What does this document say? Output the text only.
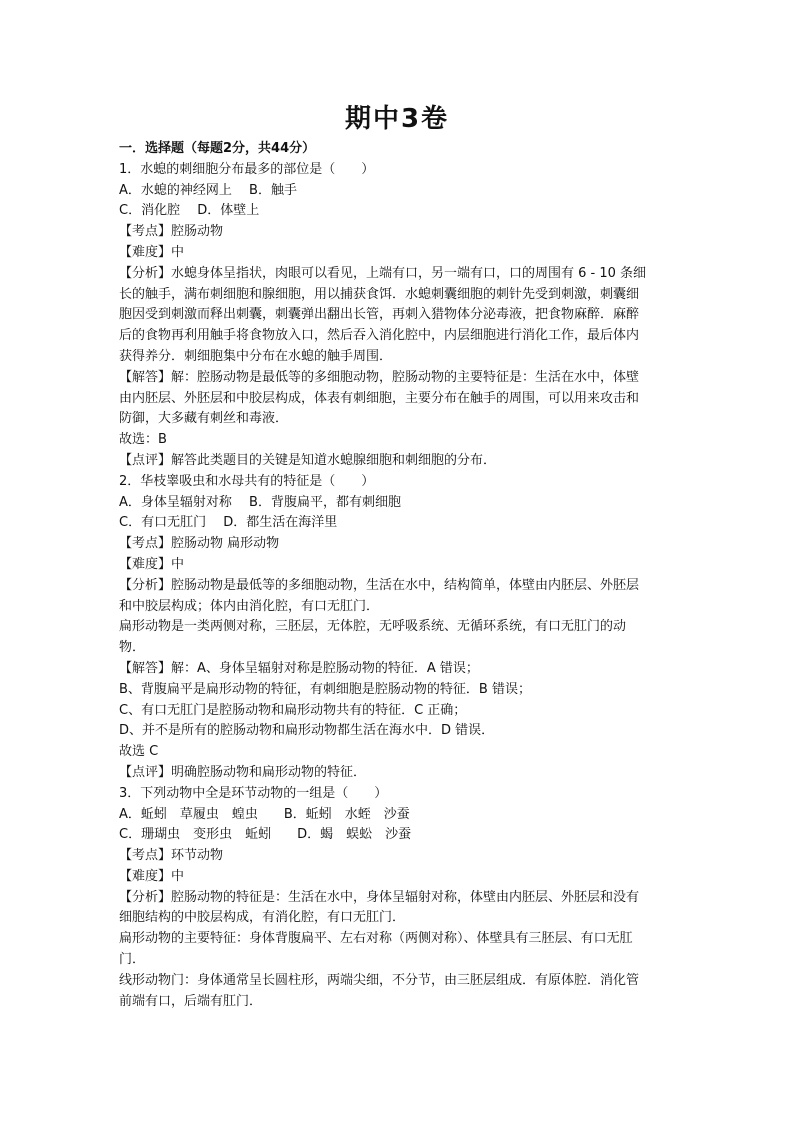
期中3卷

一．选择题（每题2分，共44分）

1．水螅的刺细胞分布最多的部位是（　　）

A．水螅的神经网上　 B．触手

C．消化腔　 D．体壁上

【考点】腔肠动物

【难度】中

【分析】水螅身体呈指状，肉眼可以看见，上端有口，另一端有口，口的周围有 6 - 10 条细

长的触手，满布刺细胞和腺细胞，用以捕获食饵．水螅刺囊细胞的刺针先受到刺激，刺囊细

胞因受到刺激而释出刺囊，刺囊弹出翻出长管，再刺入猎物体分泌毒液，把食物麻醉．麻醉

后的食物再利用触手将食物放入口，然后吞入消化腔中，内层细胞进行消化工作，最后体内

获得养分．刺细胞集中分布在水螅的触手周围．

【解答】解：腔肠动物是最低等的多细胞动物，腔肠动物的主要特征是：生活在水中，体壁

由内胚层、外胚层和中胶层构成，体表有刺细胞，主要分布在触手的周围，可以用来攻击和

防御，大多藏有刺丝和毒液．

故选：B

【点评】解答此类题目的关键是知道水螅腺细胞和刺细胞的分布．

2．华枝睾吸虫和水母共有的特征是（　　）

A．身体呈辐射对称　 B．背腹扁平，都有刺细胞

C．有口无肛门　 D．都生活在海洋里

【考点】腔肠动物 扁形动物

【难度】中

【分析】腔肠动物是最低等的多细胞动物，生活在水中，结构简单，体壁由内胚层、外胚层

和中胶层构成；体内由消化腔，有口无肛门．

扁形动物是一类两侧对称，三胚层，无体腔，无呼吸系统、无循环系统，有口无肛门的动

物．

【解答】解：A、身体呈辐射对称是腔肠动物的特征．A 错误；

B、背腹扁平是扁形动物的特征，有刺细胞是腔肠动物的特征．B 错误；

C、有口无肛门是腔肠动物和扁形动物共有的特征．C 正确；

D、并不是所有的腔肠动物和扁形动物都生活在海水中．D 错误．

故选 C

【点评】明确腔肠动物和扁形动物的特征．

3．下列动物中全是环节动物的一组是（　　）

A．蚯蚓　草履虫　蝗虫　　B．蚯蚓　水蛭　沙蚕

C．珊瑚虫　变形虫　蚯蚓　　D．蝎　蜈蚣　沙蚕

【考点】环节动物

【难度】中

【分析】腔肠动物的特征是：生活在水中，身体呈辐射对称，体壁由内胚层、外胚层和没有

细胞结构的中胶层构成，有消化腔，有口无肛门．

扁形动物的主要特征：身体背腹扁平、左右对称（两侧对称）、体壁具有三胚层、有口无肛

门．

线形动物门：身体通常呈长圆柱形，两端尖细，不分节，由三胚层组成．有原体腔．消化管

前端有口，后端有肛门．
